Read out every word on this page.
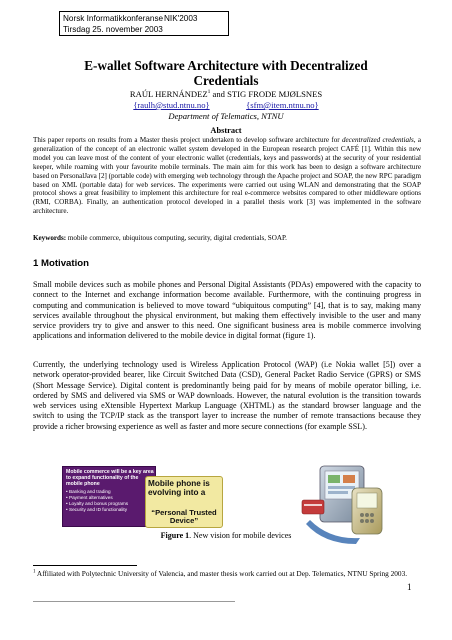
Norsk Informatikkonferanse NIK'2003
Tirsdag 25. november 2003
E-wallet Software Architecture with Decentralized
Credentials
RAÚL HERNÁNDEZ$^1$ and STIG FRODE MJØLSNES
{raulh@stud.ntnu.no}	{sfm@item.ntnu.no}
Department of Telematics, NTNU
Abstract
This paper reports on results from a Master thesis project undertaken to develop software architecture for decentralized credentials, a generalization of the concept of an electronic wallet system developed in the European research project CAFÉ [1]. Within this new model you can leave most of the content of your electronic wallet (credentials, keys and passwords) at the security of your residential keeper, while roaming with your favourite mobile terminals. The main aim for this work has been to design a software architecture based on PersonalJava [2] (portable code) with emerging web technology through the Apache project and SOAP, the new RPC paradigm based on XML (portable data) for web services. The experiments were carried out using WLAN and demonstrating that the SOAP protocol shows a great feasibility to implement this architecture for real e-commerce websites compared to other middleware options (RMI, CORBA). Finally, an authentication protocol developed in a parallel thesis work [3] was implemented in the software architecture.
Keywords: mobile commerce, ubiquitous computing, security, digital credentials, SOAP.
1 Motivation
Small mobile devices such as mobile phones and Personal Digital Assistants (PDAs) empowered with the capacity to connect to the Internet and exchange information become available. Furthermore, with the continuing progress in computing and communication is believed to move toward “ubiquitous computing” [4], that is to say, making many services available throughout the physical environment, but making them effectively invisible to the user and many service providers try to give and answer to this need. One significant business area is mobile commerce involving applications and information delivered to the mobile device in digital format (figure 1).
Currently, the underlying technology used is Wireless Application Protocol (WAP) (i.e Nokia wallet [5]) over a network operator-provided bearer, like Circuit Switched Data (CSD), General Packet Radio Service (GPRS) or SMS (Short Message Service). Digital content is predominantly being paid for by means of mobile operator billing, i.e. ordered by SMS and delivered via SMS or WAP downloads. However, the natural evolution is the transition towards web services using eXtensible Hypertext Markup Language (XHTML) as the standard browser language and the switch to using the TCP/IP stack as the transport layer to increase the number of remote transactions because they provide a richer browsing experience as well as faster and more secure connections (for example SSL).
Mobile commerce will be a key area to expand functionality of the mobile phone
• Banking and trading
• Payment alternatives
• Loyalty and bonus programs
• Security and ID functionality
Mobile phone is evolving into a
“Personal Trusted Device”
Figure 1. New vision for mobile devices
$^1$ Affiliated with Polytechnic University of Valencia, and master thesis work carried out at Dep. Telematics, NTNU Spring 2003.
1
